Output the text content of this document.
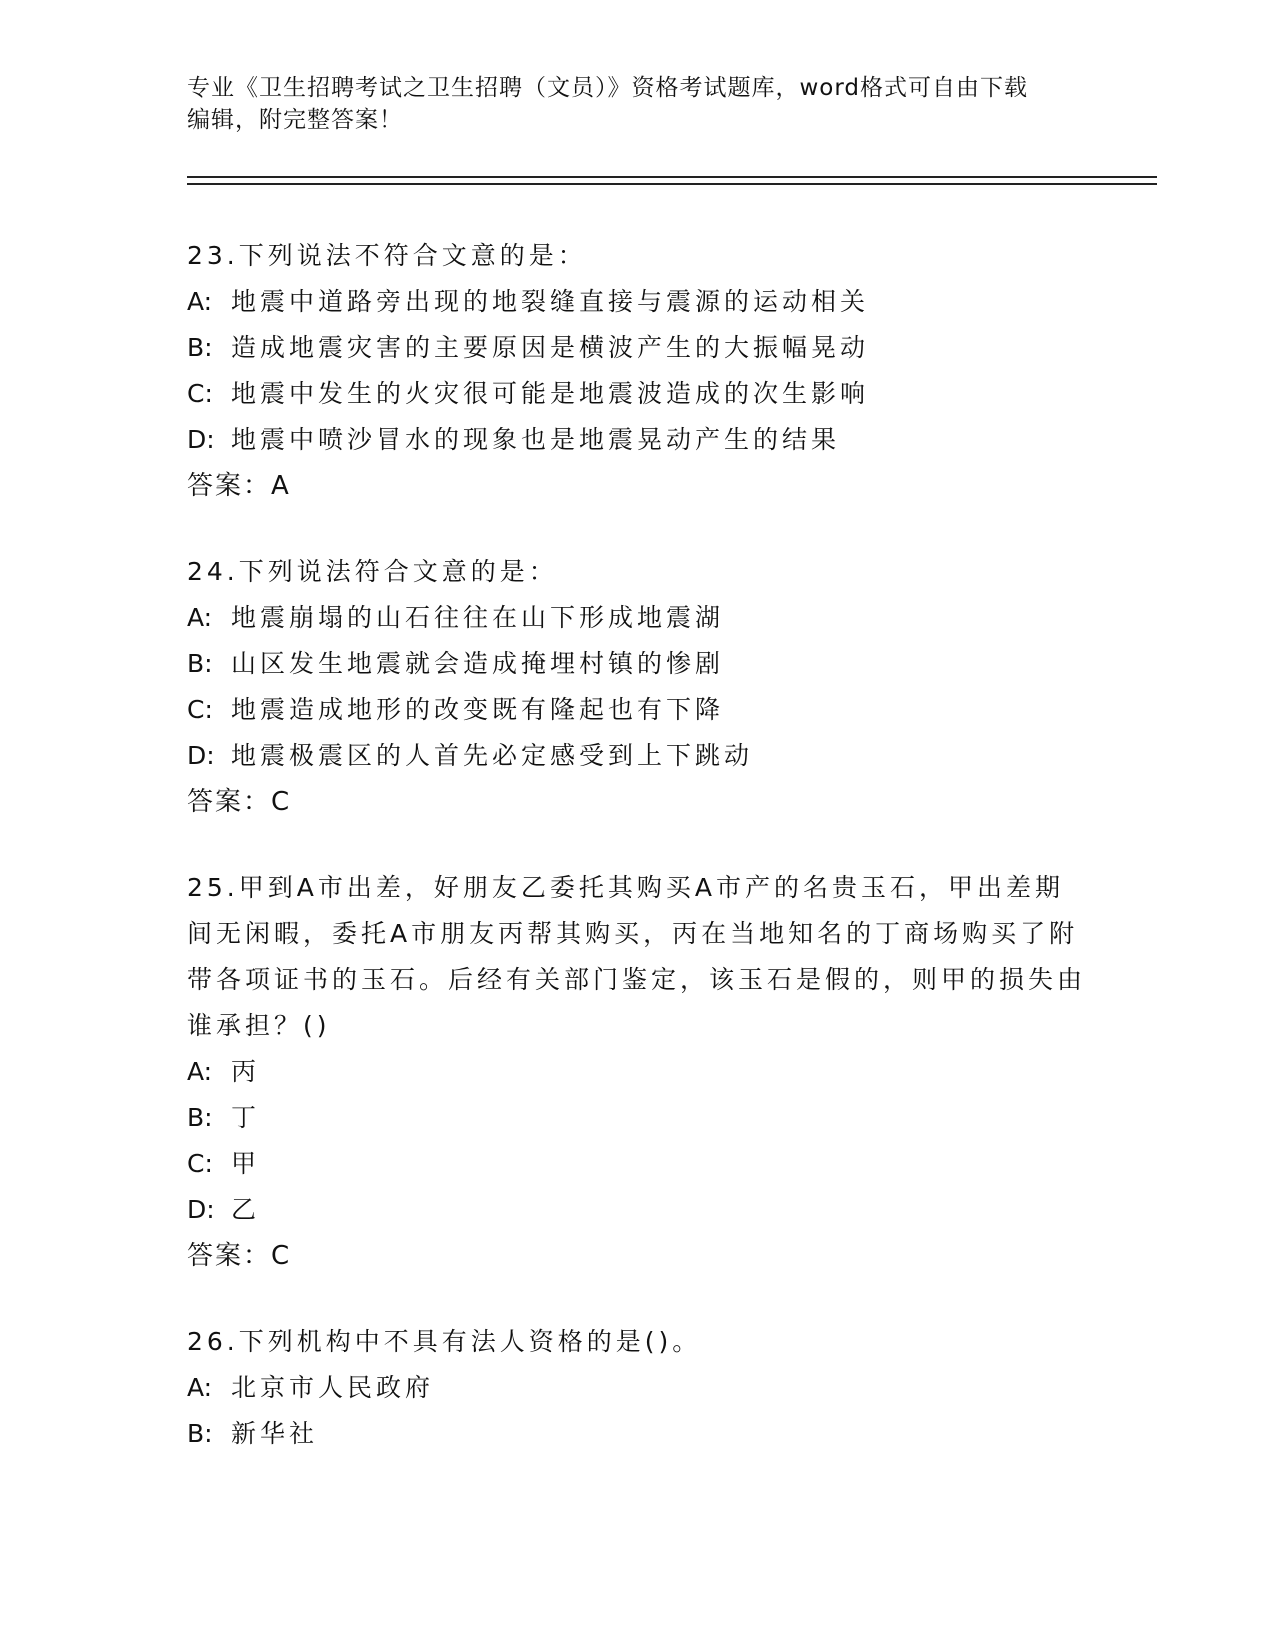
专业《卫生招聘考试之卫生招聘（文员）》资格考试题库，word格式可自由下载
编辑，附完整答案！
23.下列说法不符合文意的是：
A: 地震中道路旁出现的地裂缝直接与震源的运动相关
B: 造成地震灾害的主要原因是横波产生的大振幅晃动
C: 地震中发生的火灾很可能是地震波造成的次生影响
D: 地震中喷沙冒水的现象也是地震晃动产生的结果
答案：A
24.下列说法符合文意的是：
A: 地震崩塌的山石往往在山下形成地震湖
B: 山区发生地震就会造成掩埋村镇的惨剧
C: 地震造成地形的改变既有隆起也有下降
D: 地震极震区的人首先必定感受到上下跳动
答案：C
25.甲到A市出差，好朋友乙委托其购买A市产的名贵玉石，甲出差期间无闲暇，委托A市朋友丙帮其购买，丙在当地知名的丁商场购买了附带各项证书的玉石。后经有关部门鉴定，该玉石是假的，则甲的损失由谁承担？()
A: 丙
B: 丁
C: 甲
D: 乙
答案：C
26.下列机构中不具有法人资格的是()。
A: 北京市人民政府
B: 新华社
